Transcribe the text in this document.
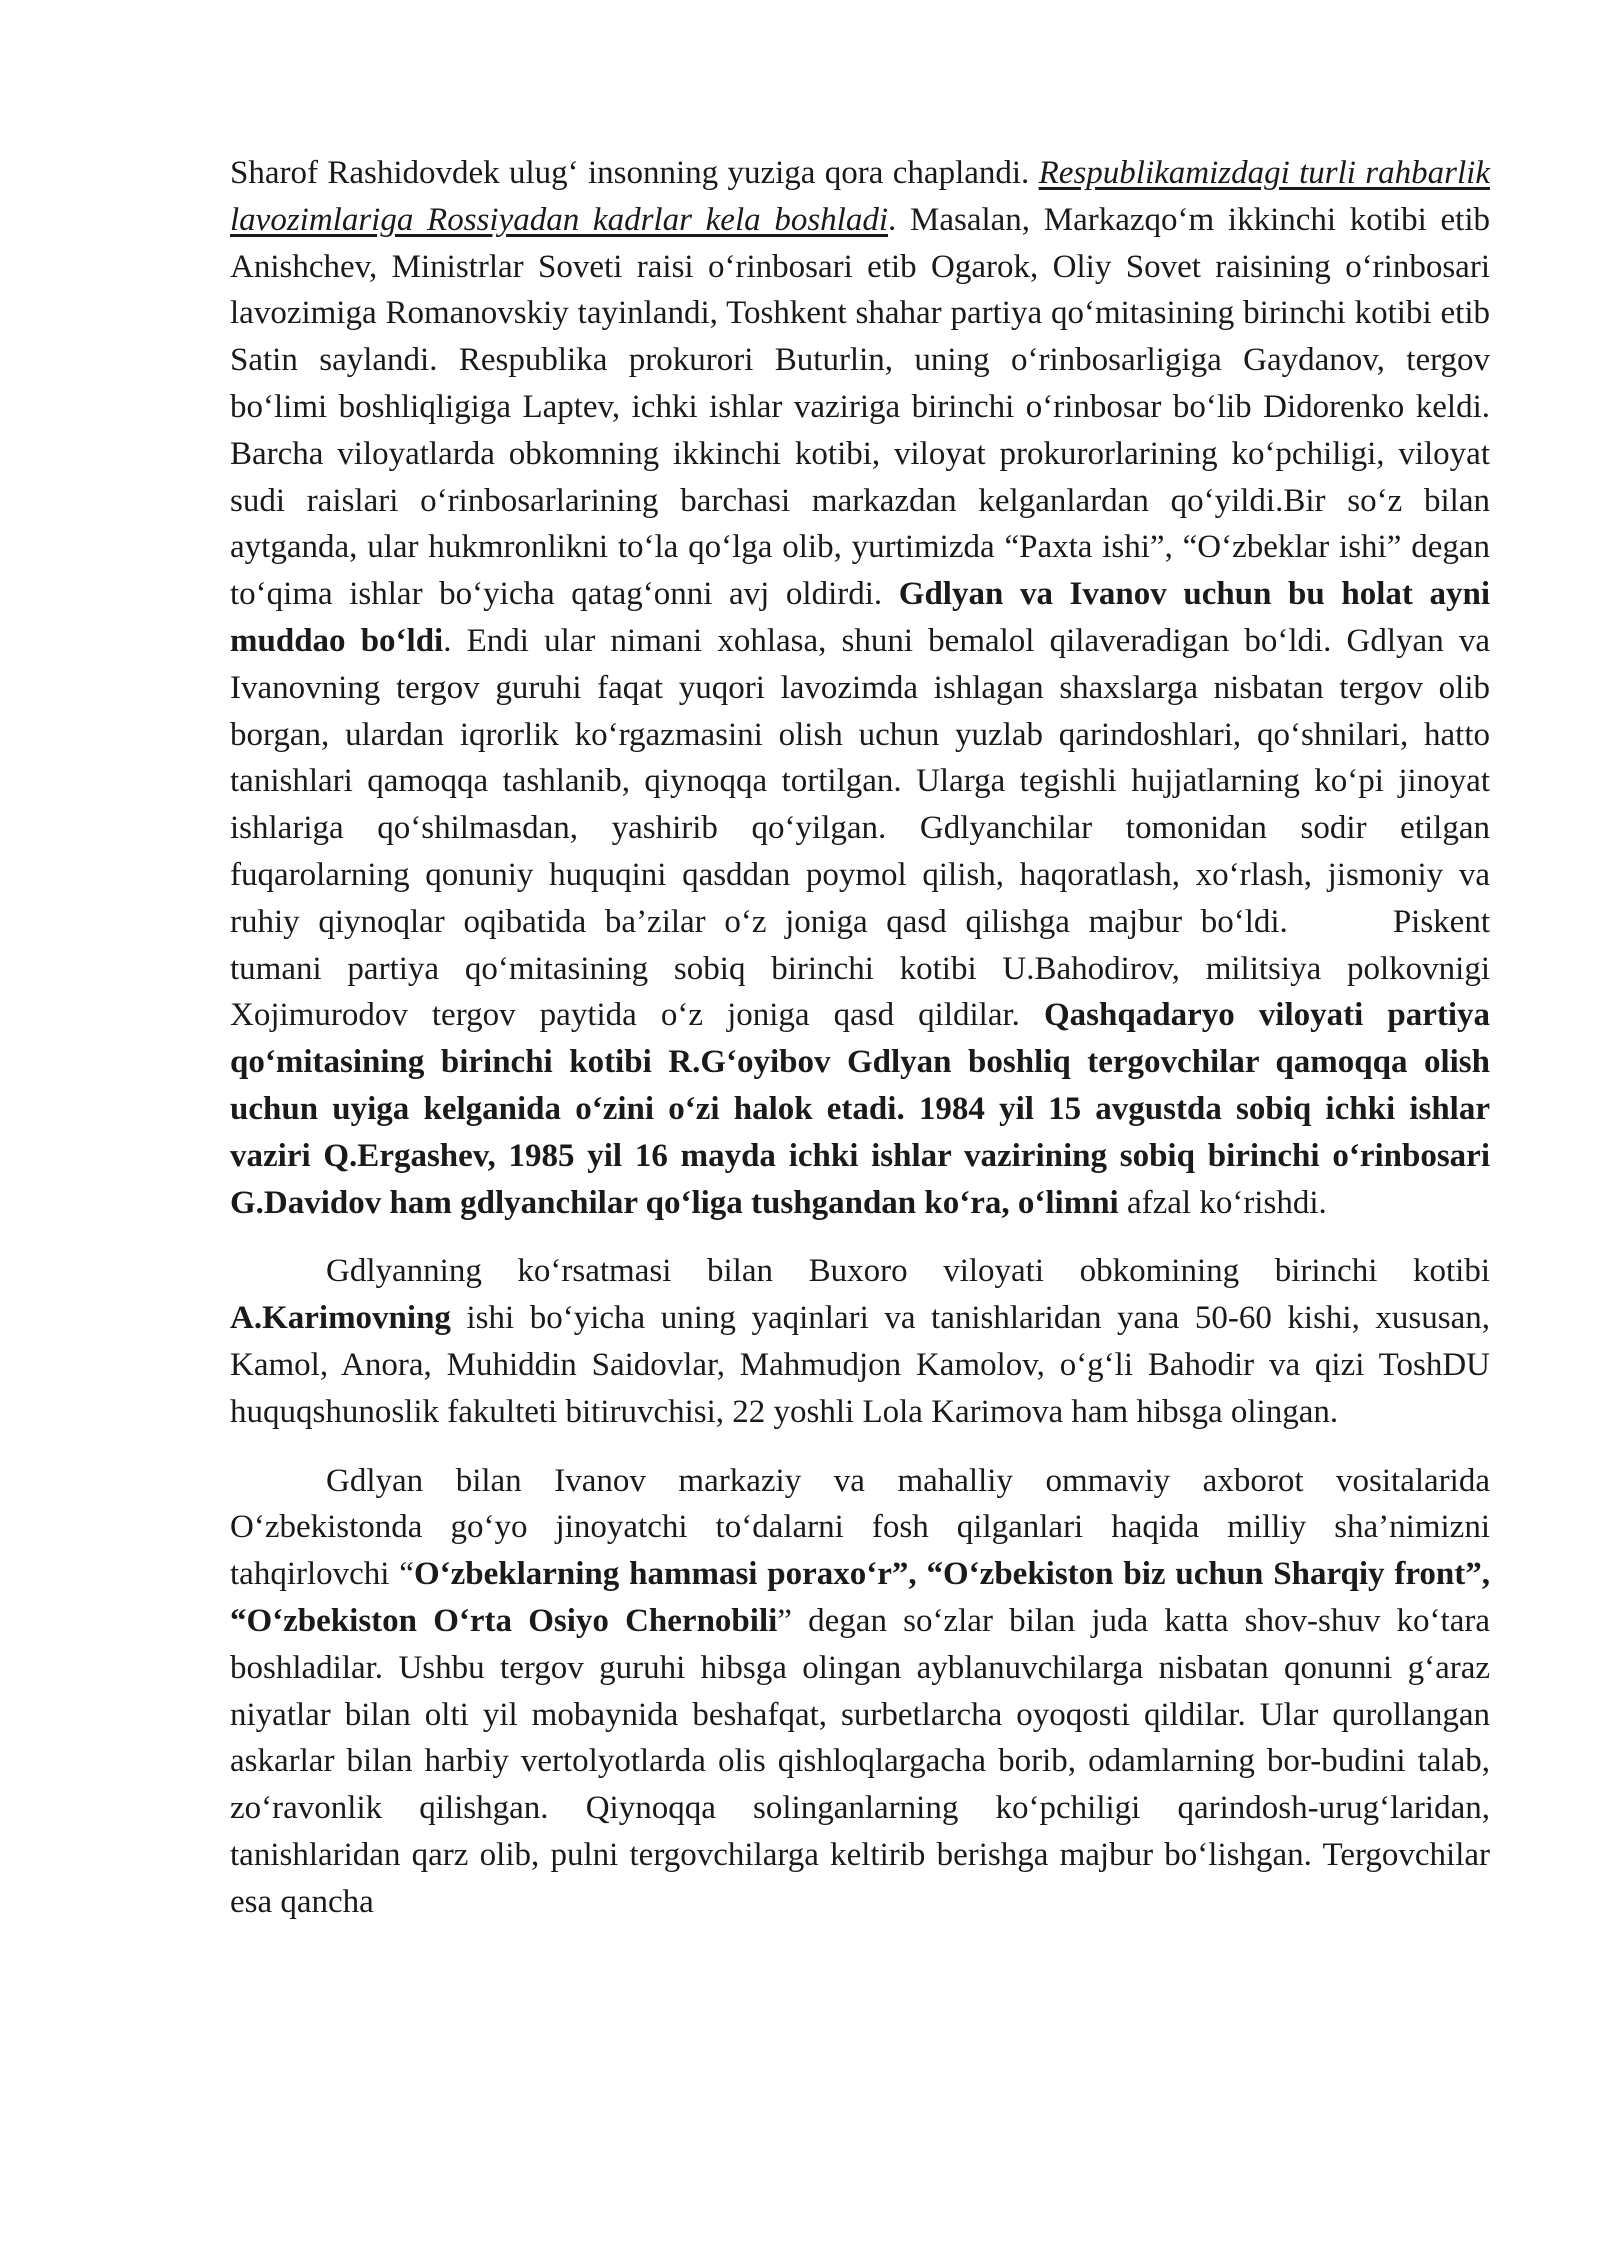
Sharof Rashidovdek ulug‘ insonning yuziga qora chaplandi. Respublikamizdagi turli rahbarlik lavozimlariga Rossiyadan kadrlar kela boshladi. Masalan, Markazqo‘m ikkinchi kotibi etib Anishchev, Ministrlar Soveti raisi o‘rinbosari etib Ogarok, Oliy Sovet raisining o‘rinbosari lavozimiga Romanovskiy tayinlandi, Toshkent shahar partiya qo‘mitasining birinchi kotibi etib Satin saylandi. Respublika prokurori Buturlin, uning o‘rinbosarligiga Gaydanov, tergov bo‘limi boshliqligiga Laptev, ichki ishlar vaziriga birinchi o‘rinbosar bo‘lib Didorenko keldi. Barcha viloyatlarda obkomning ikkinchi kotibi, viloyat prokurorlarining ko‘pchiligi, viloyat sudi raislari o‘rinbosarlarining barchasi markazdan kelganlardan qo‘yildi.Bir so‘z bilan aytganda, ular hukmronlikni to‘la qo‘lga olib, yurtimizda “Paxta ishi”, “O‘zbeklar ishi” degan to‘qima ishlar bo‘yicha qatag‘onni avj oldirdi. Gdlyan va Ivanov uchun bu holat ayni muddao bo‘ldi. Endi ular nimani xohlasa, shuni bemalol qilaveradigan bo‘ldi. Gdlyan va Ivanovning tergov guruhi faqat yuqori lavozimda ishlagan shaxslarga nisbatan tergov olib borgan, ulardan iqrorlik ko‘rgazmasini olish uchun yuzlab qarindoshlari, qo‘shnilari, hatto tanishlari qamoqqa tashlanib, qiynoqqa tortilgan. Ularga tegishli hujjatlarning ko‘pi jinoyat ishlariga qo‘shilmasdan, yashirib qo‘yilgan. Gdlyanchilar tomonidan sodir etilgan fuqarolarning qonuniy huquqini qasddan poymol qilish, haqoratlash, xo‘rlash, jismoniy va ruhiy qiynoqlar oqibatida ba’zilar o‘z joniga qasd qilishga majbur bo‘ldi.	Piskent tumani partiya qo‘mitasining sobiq birinchi kotibi U.Bahodirov, militsiya polkovnigi Xojimurodov tergov paytida o‘z joniga qasd qildilar. Qashqadaryo viloyati partiya qo‘mitasining birinchi kotibi R.G‘oyibov Gdlyan boshliq tergovchilar qamoqqa olish uchun uyiga kelganida o‘zini o‘zi halok etadi. 1984 yil 15 avgustda sobiq ichki ishlar vaziri Q.Ergashev, 1985 yil 16 mayda ichki ishlar vazirining sobiq birinchi o‘rinbosari G.Davidov ham gdlyanchilar qo‘liga tushgandan ko‘ra, o‘limni afzal ko‘rishdi.

Gdlyanning ko‘rsatmasi bilan Buxoro viloyati obkomining birinchi kotibi A.Karimovning ishi bo‘yicha uning yaqinlari va tanishlaridan yana 50-60 kishi, xususan, Kamol, Anora, Muhiddin Saidovlar, Mahmudjon Kamolov, o‘g‘li Bahodir va qizi ToshDU huquqshunoslik fakulteti bitiruvchisi, 22 yoshli Lola Karimova ham hibsga olingan.

Gdlyan bilan Ivanov markaziy va mahalliy ommaviy axborot vositalarida O‘zbekistonda go‘yo jinoyatchi to‘dalarni fosh qilganlari haqida milliy sha’nimizni tahqirlovchi “O‘zbeklarning hammasi poraxo‘r”, “O‘zbekiston biz uchun Sharqiy front”, “O‘zbekiston O‘rta Osiyo Chernobili” degan so‘zlar bilan juda katta shov-shuv ko‘tara boshladilar. Ushbu tergov guruhi hibsga olingan ayblanuvchilarga nisbatan qonunni g‘araz niyatlar bilan olti yil mobaynida beshafqat, surbetlarcha oyoqosti qildilar. Ular qurollangan askarlar bilan harbiy vertolyotlarda olis qishloqlargacha borib, odamlarning bor-budini talab, zo‘ravonlik qilishgan. Qiynoqqa solinganlarning ko‘pchiligi qarindosh-urug‘laridan, tanishlaridan qarz olib, pulni tergovchilarga keltirib berishga majbur bo‘lishgan. Tergovchilar esa qancha
